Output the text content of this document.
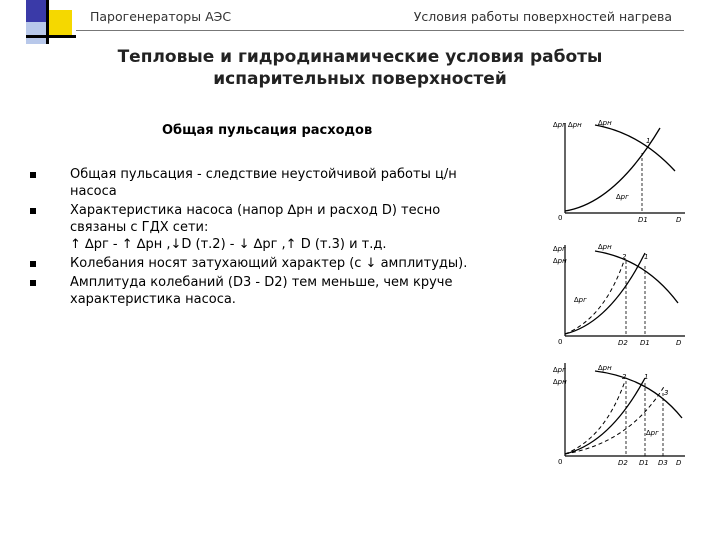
Парогенераторы АЭС	Условия работы поверхностей нагрева
Тепловые и гидродинамические условия работы
испарительных поверхностей
Общая пульсация расходов
Общая пульсация - следствие неустойчивой работы ц/н
насоса
Характеристика насоса (напор ∆pн и расход D) тесно
связаны с ГДХ сети:
↑ ∆pг - ↑ ∆pн ,↓D (т.2) - ↓ ∆pг ,↑ D (т.3) и т.д.
Колебания носят затухающий характер (с ↓ амплитуды).
Амплитуда колебаний (D3 - D2) тем меньше, чем круче
характеристика насоса.
∆pг ∆pн ∆pн
∆pг
1
0	D1	D
∆pг
∆pн
∆pн
∆pг
2	1
0	D2 D1	D
∆pг
∆pн
∆pн
∆pг
2	1
3
0	D2 D1 D3 D
